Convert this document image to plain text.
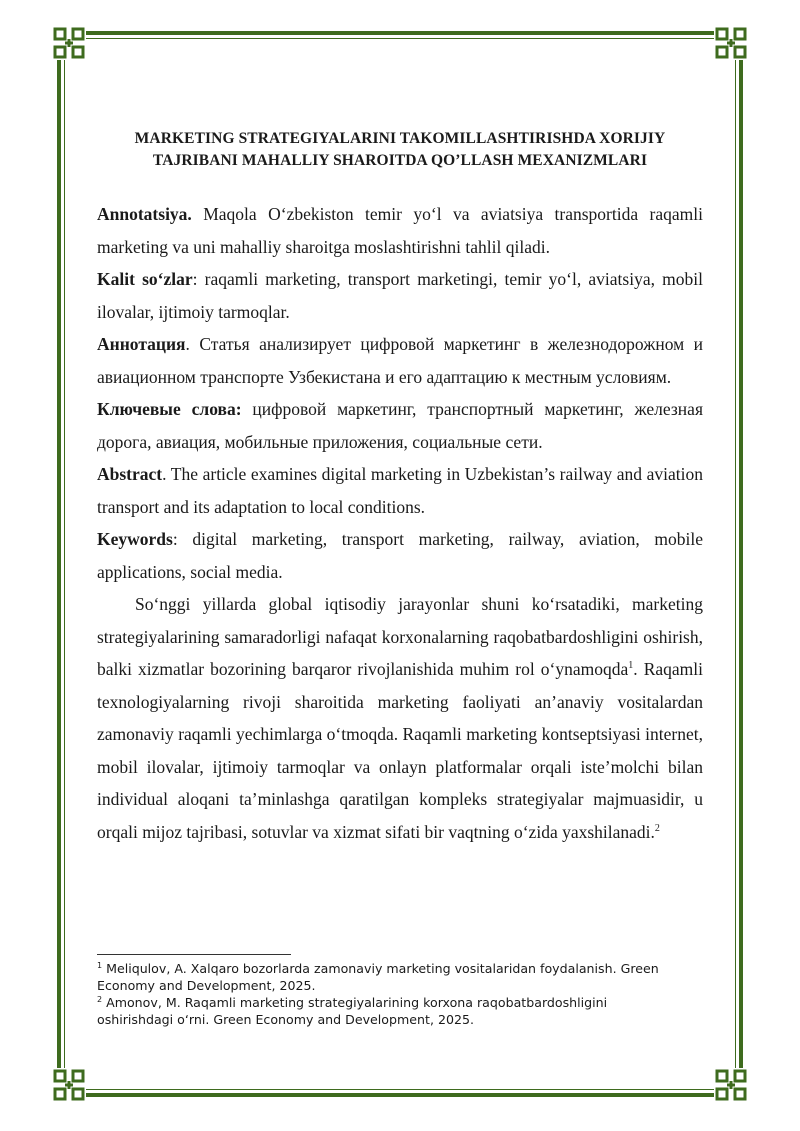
MARKETING STRATEGIYALARINI TAKOMILLASHTIRISHDA XORIJIY
TAJRIBANI MAHALLIY SHAROITDA QO’LLASH MEXANIZMLARI

Annotatsiya. Maqola O‘zbekiston temir yo‘l va aviatsiya transportida raqamli marketing va uni mahalliy sharoitga moslashtirishni tahlil qiladi.

Kalit so‘zlar: raqamli marketing, transport marketingi, temir yo‘l, aviatsiya, mobil ilovalar, ijtimoiy tarmoqlar.

Аннотация. Статья анализирует цифровой маркетинг в железнодорожном и авиационном транспорте Узбекистана и его адаптацию к местным условиям.

Ключевые слова: цифровой маркетинг, транспортный маркетинг, железная дорога, авиация, мобильные приложения, социальные сети.

Abstract. The article examines digital marketing in Uzbekistan’s railway and aviation transport and its adaptation to local conditions.

Keywords: digital marketing, transport marketing, railway, aviation, mobile applications, social media.

So‘nggi yillarda global iqtisodiy jarayonlar shuni ko‘rsatadiki, marketing strategiyalarining samaradorligi nafaqat korxonalarning raqobatbardoshligini oshirish, balki xizmatlar bozorining barqaror rivojlanishida muhim rol o‘ynamoqda$^1$. Raqamli texnologiyalarning rivoji sharoitida marketing faoliyati an’anaviy vositalardan zamonaviy raqamli yechimlarga o‘tmoqda. Raqamli marketing kontseptsiyasi internet, mobil ilovalar, ijtimoiy tarmoqlar va onlayn platformalar orqali iste’molchi bilan individual aloqani ta’minlashga qaratilgan kompleks strategiyalar majmuasidir, u orqali mijoz tajribasi, sotuvlar va xizmat sifati bir vaqtning o‘zida yaxshilanadi.$^2$

$^1$ Meliqulov, A. Xalqaro bozorlarda zamonaviy marketing vositalaridan foydalanish. Green Economy and Development, 2025.

$^2$ Amonov, M. Raqamli marketing strategiyalarining korxona raqobatbardoshligini oshirishdagi o‘rni. Green Economy and Development, 2025.
